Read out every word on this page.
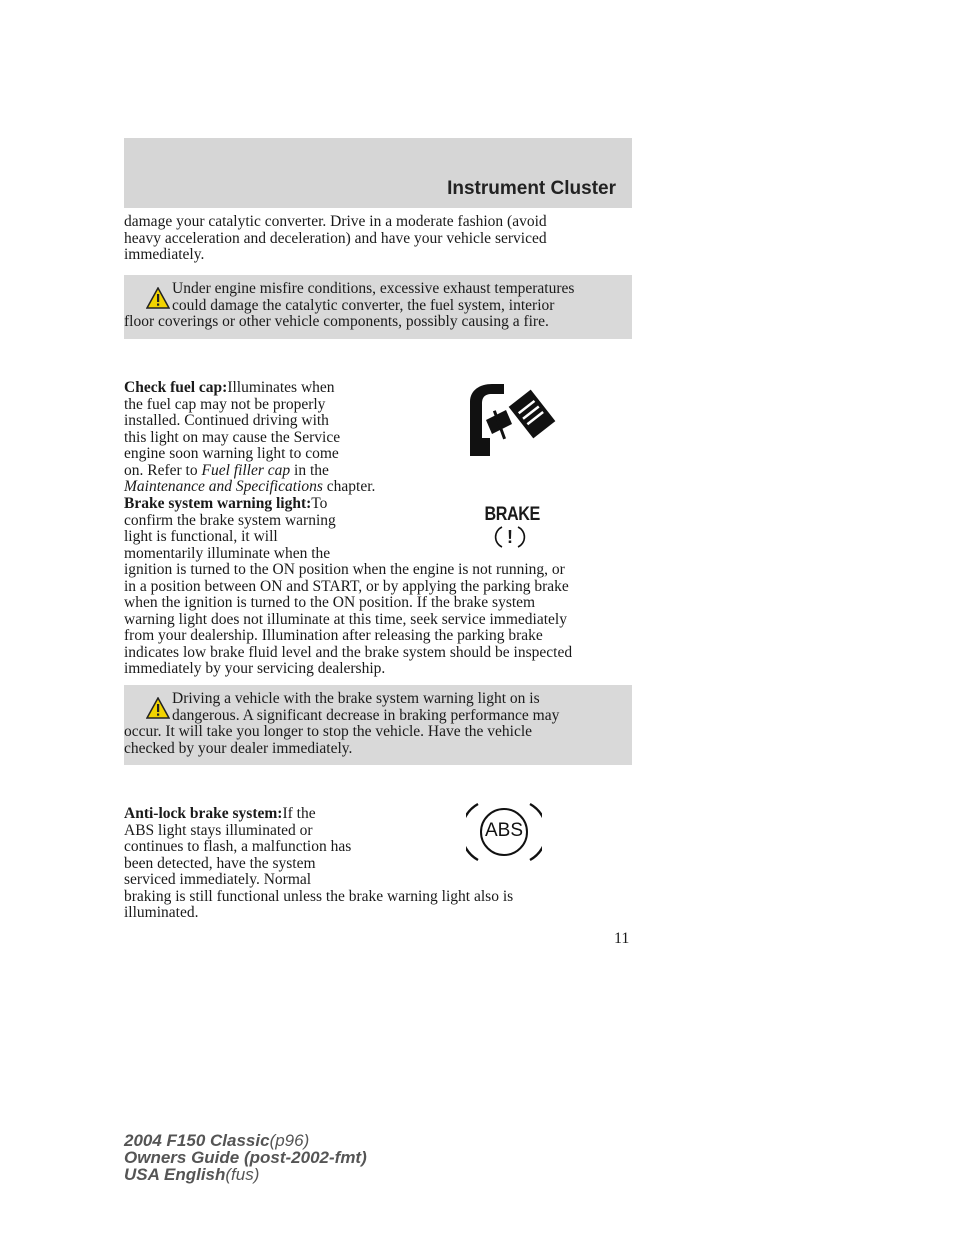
Instrument Cluster
damage your catalytic converter. Drive in a moderate fashion (avoid
heavy acceleration and deceleration) and have your vehicle serviced
immediately.
Under engine misfire conditions, excessive exhaust temperatures
could damage the catalytic converter, the fuel system, interior
floor coverings or other vehicle components, possibly causing a fire.
Check fuel cap:Illuminates when
the fuel cap may not be properly
installed. Continued driving with
this light on may cause the Service
engine soon warning light to come
on. Refer to Fuel filler cap in the
Maintenance and Specifications chapter.
Brake system warning light:To
confirm the brake system warning
light is functional, it will
momentarily illuminate when the
ignition is turned to the ON position when the engine is not running, or
in a position between ON and START, or by applying the parking brake
when the ignition is turned to the ON position. If the brake system
warning light does not illuminate at this time, seek service immediately
from your dealership. Illumination after releasing the parking brake
indicates low brake fluid level and the brake system should be inspected
immediately by your servicing dealership.
BRAKE
!
Driving a vehicle with the brake system warning light on is
dangerous. A significant decrease in braking performance may
occur. It will take you longer to stop the vehicle. Have the vehicle
checked by your dealer immediately.
Anti-lock brake system:If the
ABS light stays illuminated or
continues to flash, a malfunction has
been detected, have the system
serviced immediately. Normal
braking is still functional unless the brake warning light also is
illuminated.
ABS
11
2004 F150 Classic(p96)
Owners Guide (post-2002-fmt)
USA English(fus)
